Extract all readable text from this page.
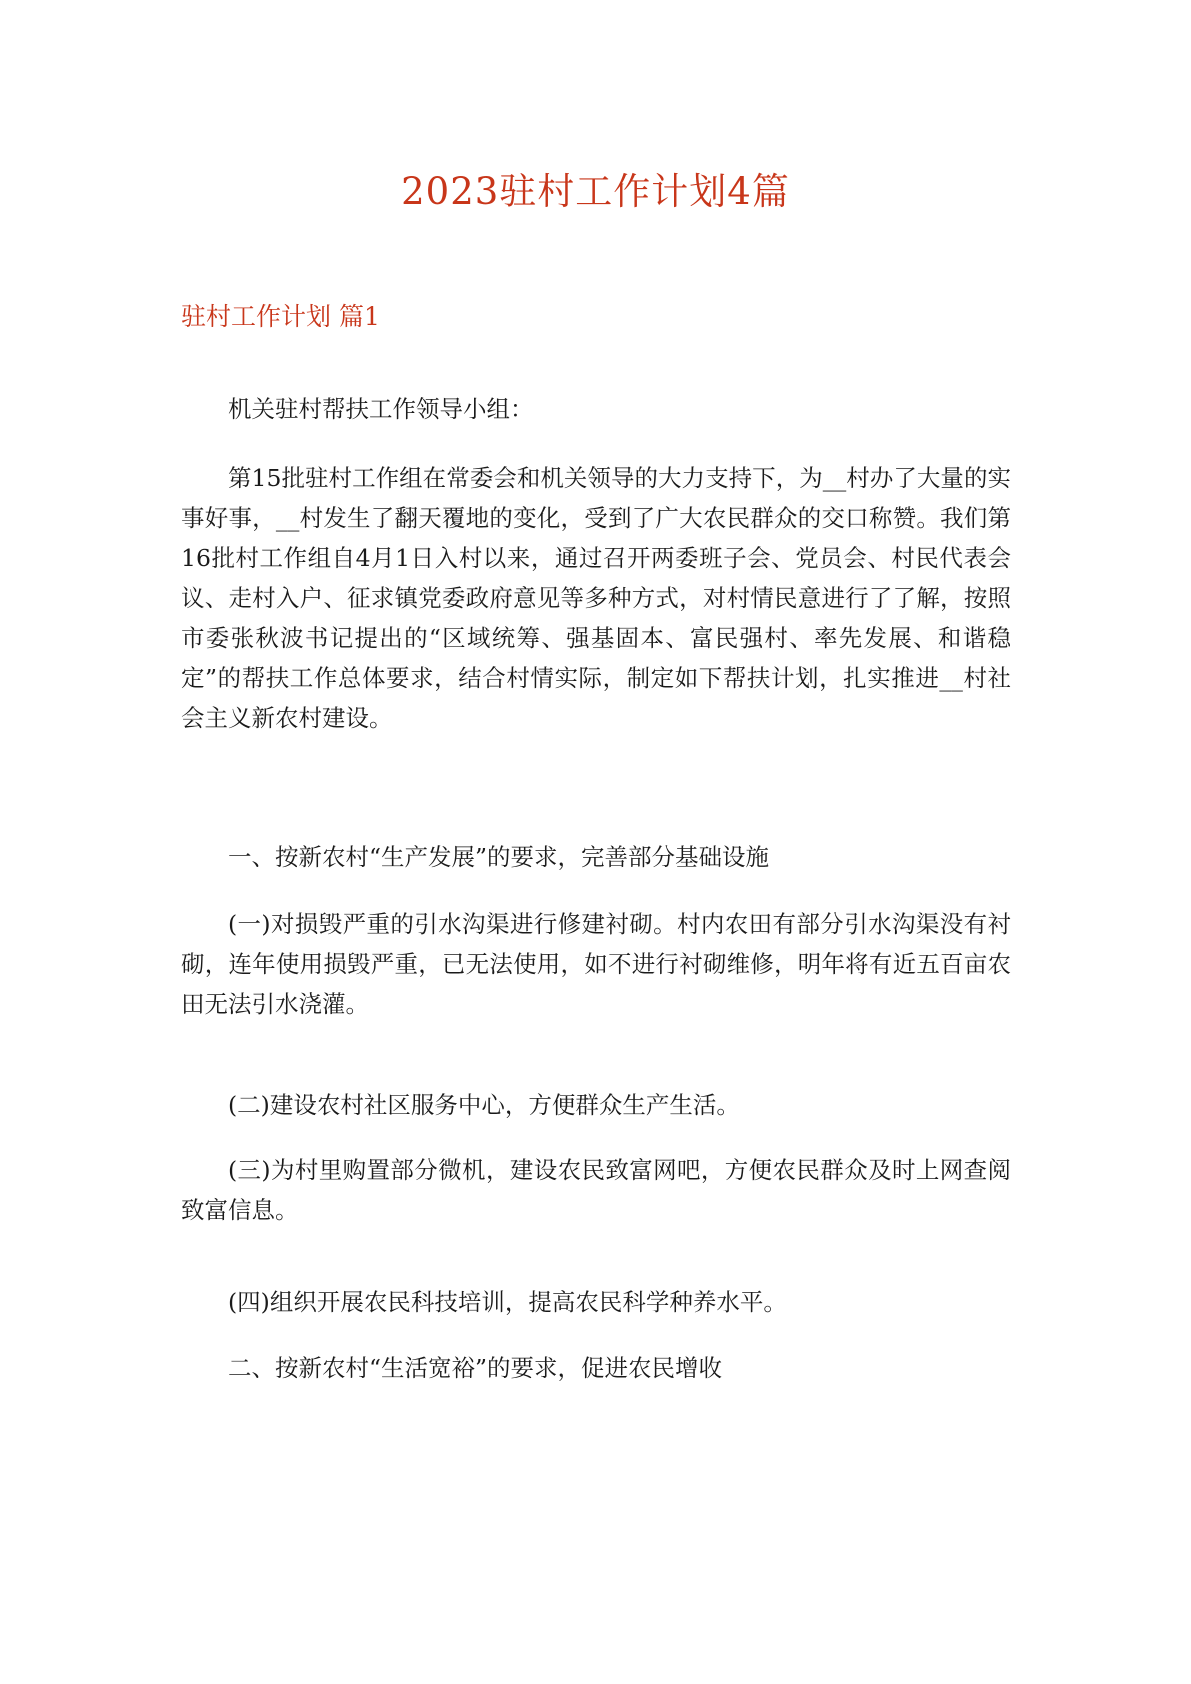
2023驻村工作计划4篇
驻村工作计划 篇1

机关驻村帮扶工作领导小组：

第15批驻村工作组在常委会和机关领导的大力支持下，为__村办了大量的实事好事，__村发生了翻天覆地的变化，受到了广大农民群众的交口称赞。我们第16批村工作组自4月1日入村以来，通过召开两委班子会、党员会、村民代表会议、走村入户、征求镇党委政府意见等多种方式，对村情民意进行了了解，按照市委张秋波书记提出的“区域统筹、强基固本、富民强村、率先发展、和谐稳定”的帮扶工作总体要求，结合村情实际，制定如下帮扶计划，扎实推进__村社会主义新农村建设。

一、按新农村“生产发展”的要求，完善部分基础设施

(一)对损毁严重的引水沟渠进行修建衬砌。村内农田有部分引水沟渠没有衬砌，连年使用损毁严重，已无法使用，如不进行衬砌维修，明年将有近五百亩农田无法引水浇灌。

(二)建设农村社区服务中心，方便群众生产生活。

(三)为村里购置部分微机，建设农民致富网吧，方便农民群众及时上网查阅致富信息。

(四)组织开展农民科技培训，提高农民科学种养水平。

二、按新农村“生活宽裕”的要求，促进农民增收
